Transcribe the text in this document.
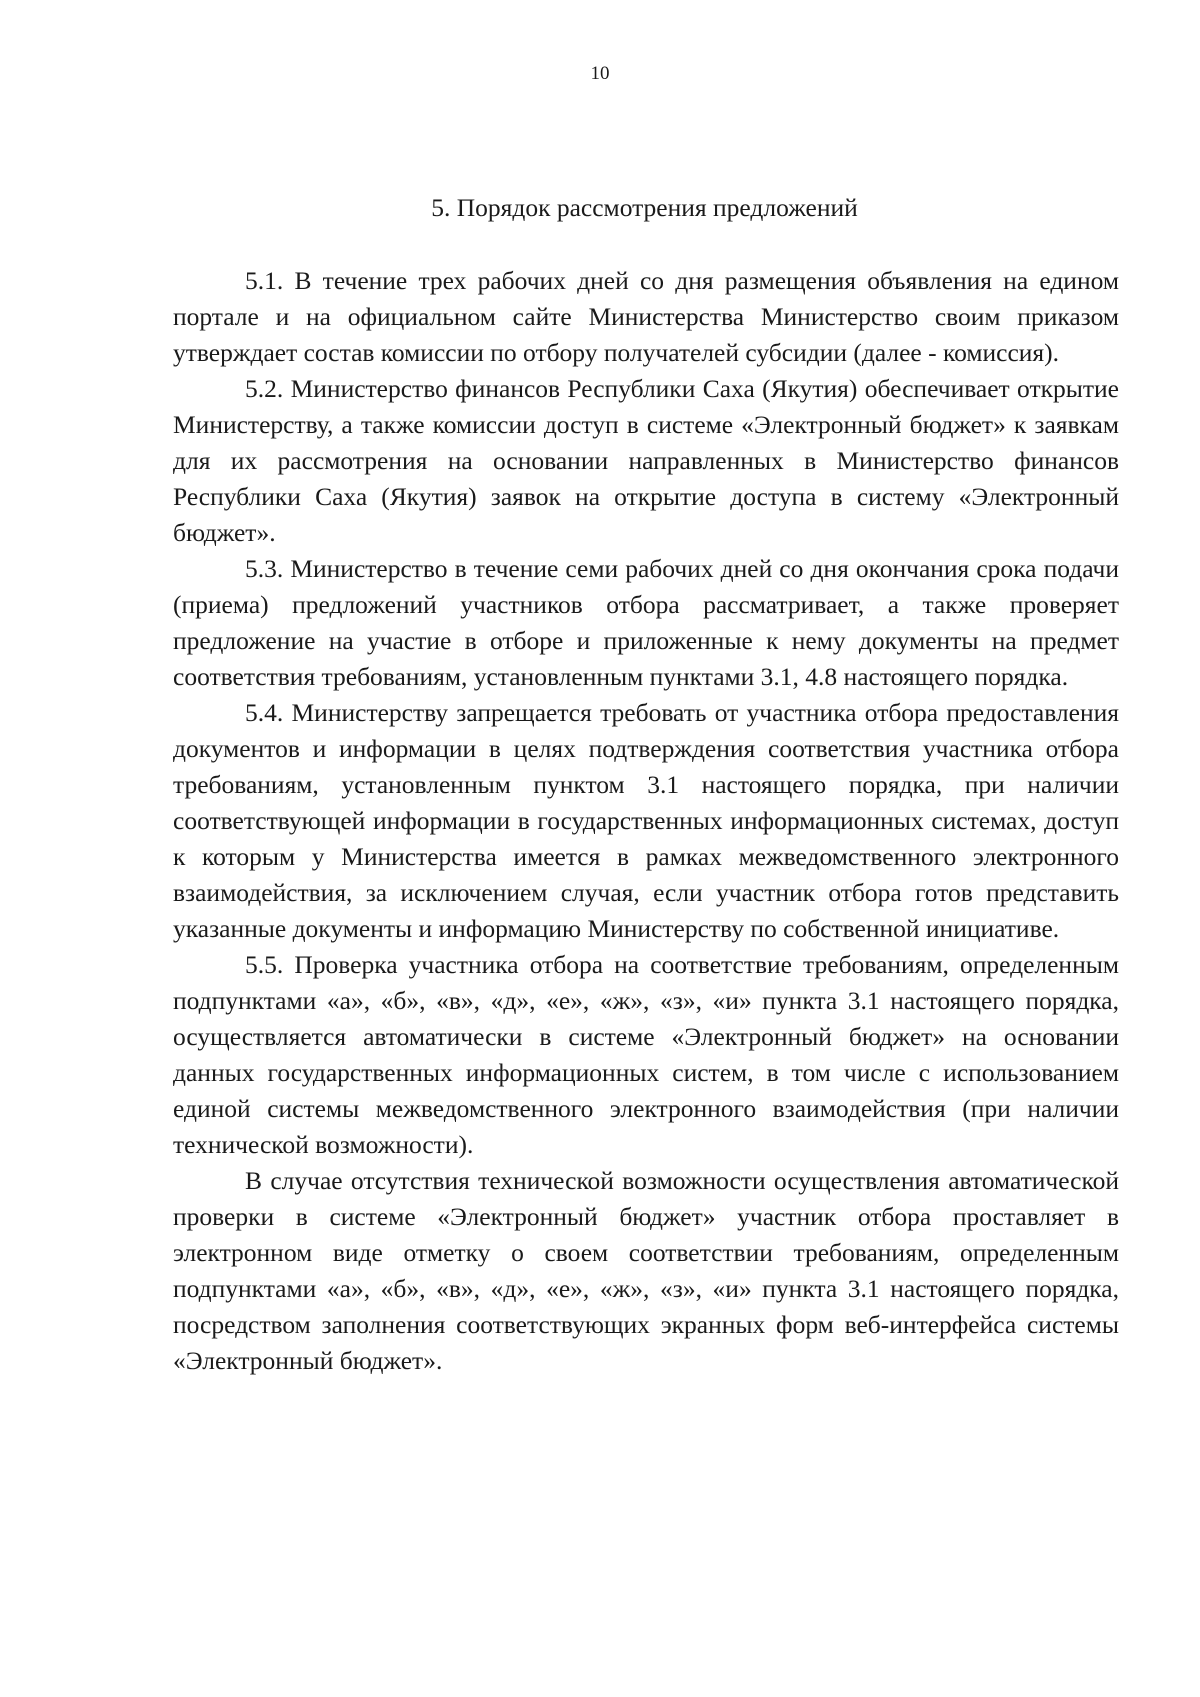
10
5. Порядок рассмотрения предложений

5.1. В течение трех рабочих дней со дня размещения объявления на едином портале и на официальном сайте Министерства Министерство своим приказом утверждает состав комиссии по отбору получателей субсидии (далее - комиссия).

5.2. Министерство финансов Республики Саха (Якутия) обеспечивает открытие Министерству, а также комиссии доступ в системе «Электронный бюджет» к заявкам для их рассмотрения на основании направленных в Министерство финансов Республики Саха (Якутия) заявок на открытие доступа в систему «Электронный бюджет».

5.3. Министерство в течение семи рабочих дней со дня окончания срока подачи (приема) предложений участников отбора рассматривает, а также проверяет предложение на участие в отборе и приложенные к нему документы на предмет соответствия требованиям, установленным пунктами 3.1, 4.8 настоящего порядка.

5.4. Министерству запрещается требовать от участника отбора предоставления документов и информации в целях подтверждения соответствия участника отбора требованиям, установленным пунктом 3.1 настоящего порядка, при наличии соответствующей информации в государственных информационных системах, доступ к которым у Министерства имеется в рамках межведомственного электронного взаимодействия, за исключением случая, если участник отбора готов представить указанные документы и информацию Министерству по собственной инициативе.

5.5. Проверка участника отбора на соответствие требованиям, определенным подпунктами «а», «б», «в», «д», «е», «ж», «з», «и» пункта 3.1 настоящего порядка, осуществляется автоматически в системе «Электронный бюджет» на основании данных государственных информационных систем, в том числе с использованием единой системы межведомственного электронного взаимодействия (при наличии технической возможности).

В случае отсутствия технической возможности осуществления автоматической проверки в системе «Электронный бюджет» участник отбора проставляет в электронном виде отметку о своем соответствии требованиям, определенным подпунктами «а», «б», «в», «д», «е», «ж», «з», «и» пункта 3.1 настоящего порядка, посредством заполнения соответствующих экранных форм веб-интерфейса системы «Электронный бюджет».
